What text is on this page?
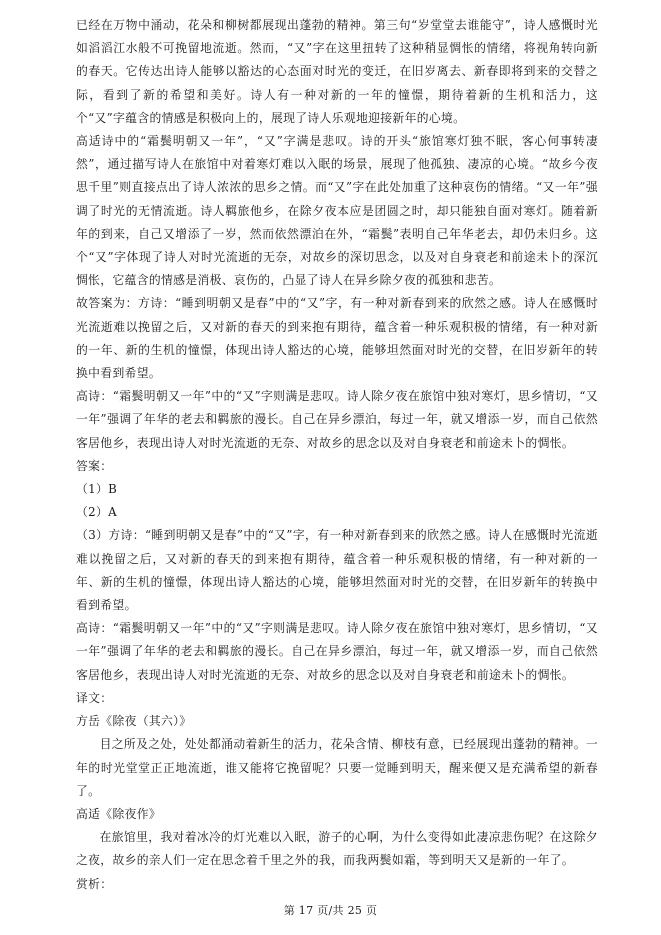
已经在万物中涌动，花朵和柳树都展现出蓬勃的精神。第三句“岁堂堂去谁能守”，诗人感慨时光如滔滔江水般不可挽留地流逝。然而，“又”字在这里扭转了这种稍显惆怅的情绪，将视角转向新的春天。它传达出诗人能够以豁达的心态面对时光的变迁，在旧岁离去、新春即将到来的交替之际，看到了新的希望和美好。诗人有一种对新的一年的憧憬，期待着新的生机和活力，这个“又”字蕴含的情感是积极向上的，展现了诗人乐观地迎接新年的心境。

高适诗中的“霜鬓明朝又一年”，“又”字满是悲叹。诗的开头“旅馆寒灯独不眠，客心何事转凄然”，通过描写诗人在旅馆中对着寒灯难以入眠的场景，展现了他孤独、凄凉的心境。“故乡今夜思千里”则直接点出了诗人浓浓的思乡之情。而“又”字在此处加重了这种哀伤的情绪。“又一年”强调了时光的无情流逝。诗人羁旅他乡，在除夕夜本应是团圆之时，却只能独自面对寒灯。随着新年的到来，自己又增添了一岁，然而依然漂泊在外，“霜鬓”表明自己年华老去，却仍未归乡。这个“又”字体现了诗人对时光流逝的无奈，对故乡的深切思念，以及对自身衰老和前途未卜的深沉惆怅，它蕴含的情感是消极、哀伤的，凸显了诗人在异乡除夕夜的孤独和悲苦。

故答案为：方诗：“睡到明朝又是春”中的“又”字，有一种对新春到来的欣然之感。诗人在感慨时光流逝难以挽留之后，又对新的春天的到来抱有期待，蕴含着一种乐观积极的情绪，有一种对新的一年、新的生机的憧憬，体现出诗人豁达的心境，能够坦然面对时光的交替，在旧岁新年的转换中看到希望。

高诗：“霜鬓明朝又一年”中的“又”字则满是悲叹。诗人除夕夜在旅馆中独对寒灯，思乡情切，“又一年”强调了年华的老去和羁旅的漫长。自己在异乡漂泊，每过一年，就又增添一岁，而自己依然客居他乡，表现出诗人对时光流逝的无奈、对故乡的思念以及对自身衰老和前途未卜的惆怅。

答案：

（1）B

（2）A

（3）方诗：“睡到明朝又是春”中的“又”字，有一种对新春到来的欣然之感。诗人在感慨时光流逝难以挽留之后，又对新的春天的到来抱有期待，蕴含着一种乐观积极的情绪，有一种对新的一年、新的生机的憧憬，体现出诗人豁达的心境，能够坦然面对时光的交替，在旧岁新年的转换中看到希望。

高诗：“霜鬓明朝又一年”中的“又”字则满是悲叹。诗人除夕夜在旅馆中独对寒灯，思乡情切，“又一年”强调了年华的老去和羁旅的漫长。自己在异乡漂泊，每过一年，就又增添一岁，而自己依然客居他乡，表现出诗人对时光流逝的无奈、对故乡的思念以及对自身衰老和前途未卜的惆怅。

译文：

方岳《除夜（其六）》

目之所及之处，处处都涌动着新生的活力，花朵含情、柳枝有意，已经展现出蓬勃的精神。一年的时光堂堂正正地流逝，谁又能将它挽留呢？只要一觉睡到明天，醒来便又是充满希望的新春了。

高适《除夜作》

在旅馆里，我对着冰冷的灯光难以入眠，游子的心啊，为什么变得如此凄凉悲伤呢？在这除夕之夜，故乡的亲人们一定在思念着千里之外的我，而我两鬓如霜，等到明天又是新的一年了。

赏析：

第 17 页/共 25 页
